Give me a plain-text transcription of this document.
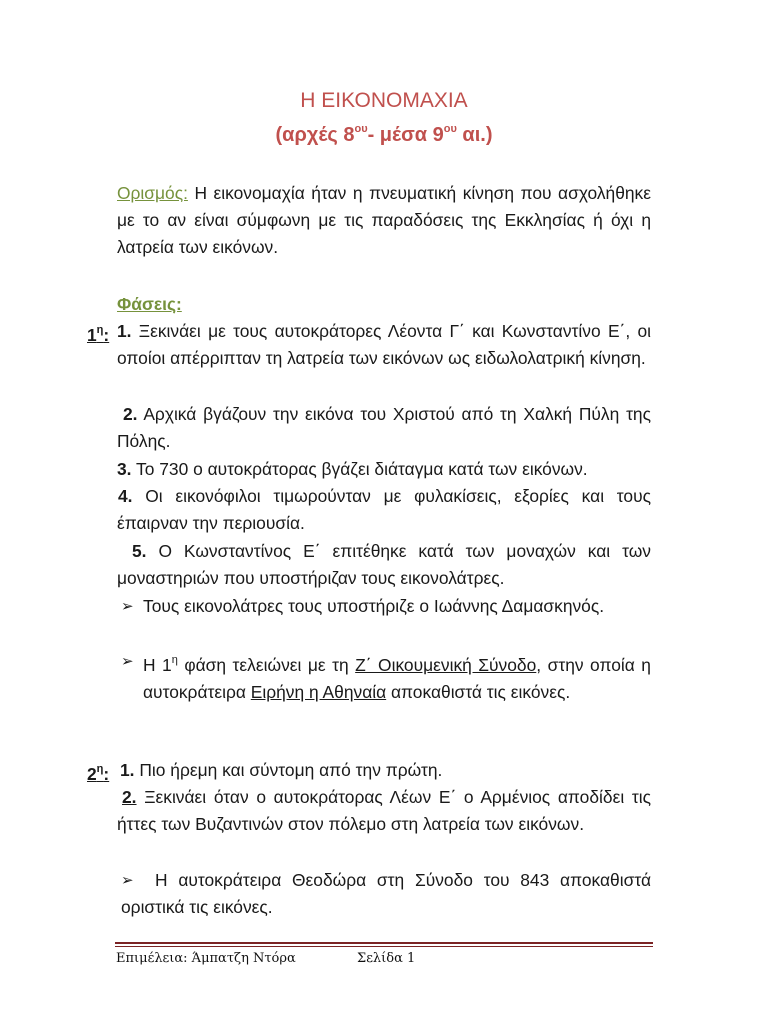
Η ΕΙΚΟΝΟΜΑΧΙΑ
(αρχές $8^{o\upsilon}-$ μέσα $9^{o\upsilon}$ αι.)
Ορισμός: Η εικονομαχία ήταν η πνευματική κίνηση που ασχολήθηκε με το αν είναι σύμφωνη με τις παραδόσεις της Εκκλησίας ή όχι η λατρεία των εικόνων.
Φάσεις:
$1^\eta$: 1. Ξεκινάει με τους αυτοκράτορες Λέοντα Γ΄ και Κωνσταντίνο Ε΄, οι οποίοι απέρριπταν τη λατρεία των εικόνων ως ειδωλολατρική κίνηση.
2. Αρχικά βγάζουν την εικόνα του Χριστού από τη Χαλκή Πύλη της Πόλης.
3. Το 730 ο αυτοκράτορας βγάζει διάταγμα κατά των εικόνων.
4. Οι εικονόφιλοι τιμωρούνταν με φυλακίσεις, εξορίες και τους έπαιρναν την περιουσία.
5. Ο Κωνσταντίνος Ε΄ επιτέθηκε κατά των μοναχών και των μοναστηριών που υποστήριζαν τους εικονολάτρες.
➢ Τους εικονολάτρες τους υποστήριζε ο Ιωάννης Δαμασκηνός.
➢ Η $1^\eta$ φάση τελειώνει με τη Ζ΄ Οικουμενική Σύνοδο, στην οποία η αυτοκράτειρα Ειρήνη η Αθηναία αποκαθιστά τις εικόνες.
$2^\eta$: 1. Πιο ήρεμη και σύντομη από την πρώτη.
2. Ξεκινάει όταν ο αυτοκράτορας Λέων Ε΄ ο Αρμένιος αποδίδει τις ήττες των Βυζαντινών στον πόλεμο στη λατρεία των εικόνων.
➢	Η αυτοκράτειρα Θεοδώρα στη Σύνοδο του 843 αποκαθιστά οριστικά τις εικόνες.
Επιμέλεια: Άμπατζη Ντόρα	Σελίδα 1
